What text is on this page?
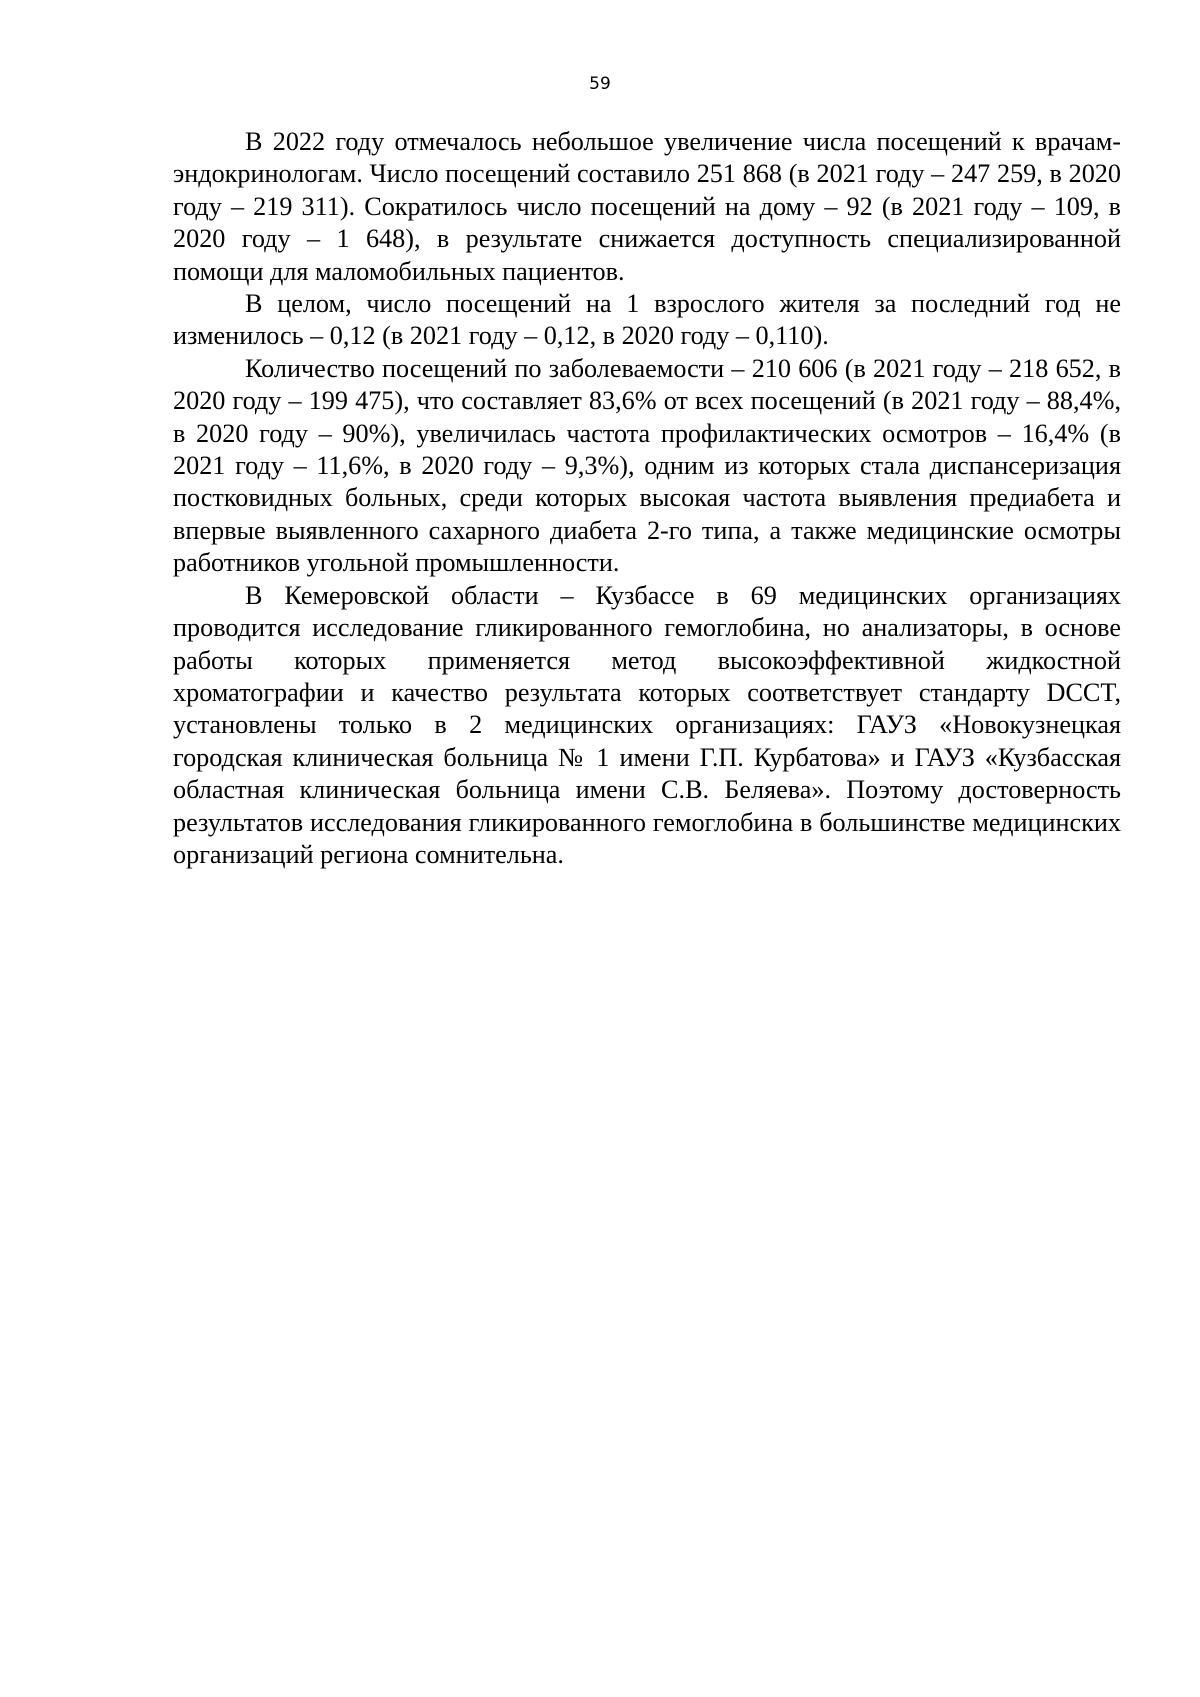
59

В 2022 году отмечалось небольшое увеличение числа посещений к врачам-эндокринологам. Число посещений составило 251 868 (в 2021 году – 247 259, в 2020 году – 219 311). Сократилось число посещений на дому – 92 (в 2021 году – 109, в 2020 году – 1 648), в результате снижается доступность специализированной помощи для маломобильных пациентов.

В целом, число посещений на 1 взрослого жителя за последний год не изменилось – 0,12 (в 2021 году – 0,12, в 2020 году – 0,110).

Количество посещений по заболеваемости – 210 606 (в 2021 году – 218 652, в 2020 году – 199 475), что составляет 83,6% от всех посещений (в 2021 году – 88,4%, в 2020 году – 90%), увеличилась частота профилактических осмотров – 16,4% (в 2021 году – 11,6%, в 2020 году – 9,3%), одним из которых стала диспансеризация постковидных больных, среди которых высокая частота выявления предиабета и впервые выявленного сахарного диабета 2-го типа, а также медицинские осмотры работников угольной промышленности.

В Кемеровской области – Кузбассе в 69 медицинских организациях проводится исследование гликированного гемоглобина, но анализаторы, в основе работы которых применяется метод высокоэффективной жидкостной хроматографии и качество результата которых соответствует стандарту DCCT, установлены только в 2 медицинских организациях: ГАУЗ «Новокузнецкая городская клиническая больница № 1 имени Г.П. Курбатова» и ГАУЗ «Кузбасская областная клиническая больница имени С.В. Беляева». Поэтому достоверность результатов исследования гликированного гемоглобина в большинстве медицинских организаций региона сомнительна.
